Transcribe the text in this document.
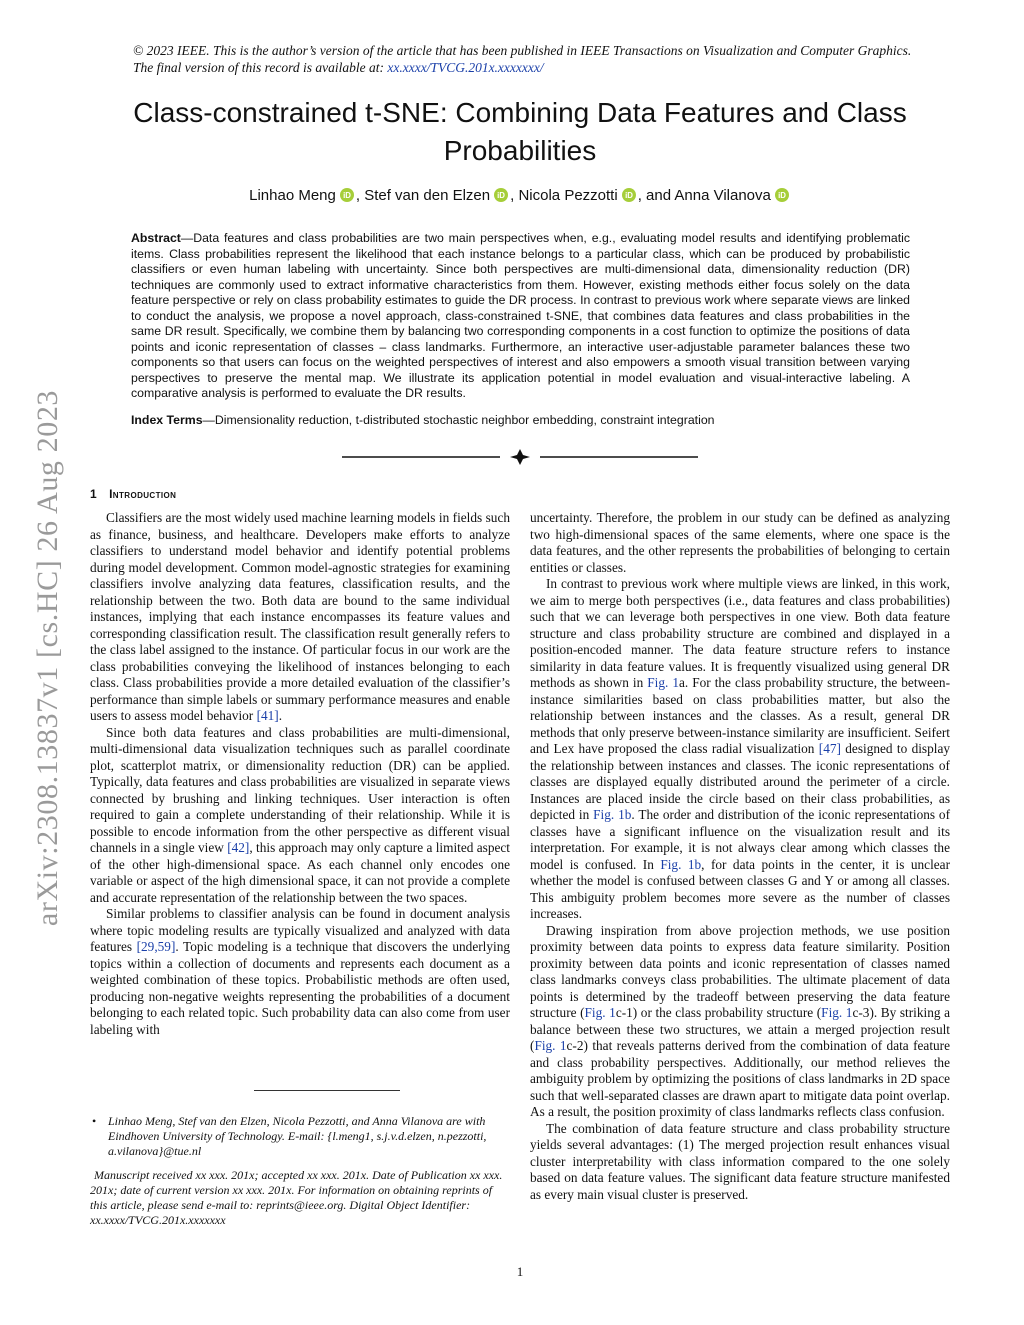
© 2023 IEEE. This is the author’s version of the article that has been published in IEEE Transactions on Visualization and Computer Graphics. The final version of this record is available at: xx.xxxx/TVCG.201x.xxxxxxx/
arXiv:2308.13837v1 [cs.HC] 26 Aug 2023
Class-constrained t-SNE: Combining Data Features and Class Probabilities
Linhao Meng iD , Stef van den Elzen iD , Nicola Pezzotti iD , and Anna Vilanova iD
Abstract—Data features and class probabilities are two main perspectives when, e.g., evaluating model results and identifying problematic items. Class probabilities represent the likelihood that each instance belongs to a particular class, which can be produced by probabilistic classifiers or even human labeling with uncertainty. Since both perspectives are multi-dimensional data, dimensionality reduction (DR) techniques are commonly used to extract informative characteristics from them. However, existing methods either focus solely on the data feature perspective or rely on class probability estimates to guide the DR process. In contrast to previous work where separate views are linked to conduct the analysis, we propose a novel approach, class-constrained t-SNE, that combines data features and class probabilities in the same DR result. Specifically, we combine them by balancing two corresponding components in a cost function to optimize the positions of data points and iconic representation of classes – class landmarks. Furthermore, an interactive user-adjustable parameter balances these two components so that users can focus on the weighted perspectives of interest and also empowers a smooth visual transition between varying perspectives to preserve the mental map. We illustrate its application potential in model evaluation and visual-interactive labeling. A comparative analysis is performed to evaluate the DR results.
Index Terms—Dimensionality reduction, t-distributed stochastic neighbor embedding, constraint integration
1 Introduction

Classifiers are the most widely used machine learning models in fields such as finance, business, and healthcare. Developers make efforts to analyze classifiers to understand model behavior and identify potential problems during model development. Common model-agnostic strategies for examining classifiers involve analyzing data features, classification results, and the relationship between the two. Both data are bound to the same individual instances, implying that each instance encompasses its feature values and corresponding classification result. The classification result generally refers to the class label assigned to the instance. Of particular focus in our work are the class probabilities conveying the likelihood of instances belonging to each class. Class probabilities provide a more detailed evaluation of the classifier’s performance than simple labels or summary performance measures and enable users to assess model behavior [41].

Since both data features and class probabilities are multi-dimensional, multi-dimensional data visualization techniques such as parallel coordinate plot, scatterplot matrix, or dimensionality reduction (DR) can be applied. Typically, data features and class probabilities are visualized in separate views connected by brushing and linking techniques. User interaction is often required to gain a complete understanding of their relationship. While it is possible to encode information from the other perspective as different visual channels in a single view [42], this approach may only capture a limited aspect of the other high-dimensional space. As each channel only encodes one variable or aspect of the high dimensional space, it can not provide a complete and accurate representation of the relationship between the two spaces.

Similar problems to classifier analysis can be found in document analysis where topic modeling results are typically visualized and analyzed with data features [29,59]. Topic modeling is a technique that discovers the underlying topics within a collection of documents and represents each document as a weighted combination of these topics. Probabilistic methods are often used, producing non-negative weights representing the probabilities of a document belonging to each related topic. Such probability data can also come from user labeling with

uncertainty. Therefore, the problem in our study can be defined as analyzing two high-dimensional spaces of the same elements, where one space is the data features, and the other represents the probabilities of belonging to certain entities or classes.

In contrast to previous work where multiple views are linked, in this work, we aim to merge both perspectives (i.e., data features and class probabilities) such that we can leverage both perspectives in one view. Both data feature structure and class probability structure are combined and displayed in a position-encoded manner. The data feature structure refers to instance similarity in data feature values. It is frequently visualized using general DR methods as shown in Fig. 1a. For the class probability structure, the between-instance similarities based on class probabilities matter, but also the relationship between instances and the classes. As a result, general DR methods that only preserve between-instance similarity are insufficient. Seifert and Lex have proposed the class radial visualization [47] designed to display the relationship between instances and classes. The iconic representations of classes are displayed equally distributed around the perimeter of a circle. Instances are placed inside the circle based on their class probabilities, as depicted in Fig. 1b. The order and distribution of the iconic representations of classes have a significant influence on the visualization result and its interpretation. For example, it is not always clear among which classes the model is confused. In Fig. 1b, for data points in the center, it is unclear whether the model is confused between classes G and Y or among all classes. This ambiguity problem becomes more severe as the number of classes increases.

Drawing inspiration from above projection methods, we use position proximity between data points to express data feature similarity. Position proximity between data points and iconic representation of classes named class landmarks conveys class probabilities. The ultimate placement of data points is determined by the tradeoff between preserving the data feature structure (Fig. 1c-1) or the class probability structure (Fig. 1c-3). By striking a balance between these two structures, we attain a merged projection result (Fig. 1c-2) that reveals patterns derived from the combination of data feature and class probability perspectives. Additionally, our method relieves the ambiguity problem by optimizing the positions of class landmarks in 2D space such that well-separated classes are drawn apart to mitigate data point overlap. As a result, the position proximity of class landmarks reflects class confusion.

The combination of data feature structure and class probability structure yields several advantages: (1) The merged projection result enhances visual cluster interpretability with class information compared to the one solely based on data feature values. The significant data feature structure manifested as every main visual cluster is preserved.

• Linhao Meng, Stef van den Elzen, Nicola Pezzotti, and Anna Vilanova are with Eindhoven University of Technology. E-mail: {l.meng1, s.j.v.d.elzen, n.pezzotti, a.vilanova}@tue.nl
Manuscript received xx xxx. 201x; accepted xx xxx. 201x. Date of Publication xx xxx. 201x; date of current version xx xxx. 201x. For information on obtaining reprints of this article, please send e-mail to: reprints@ieee.org. Digital Object Identifier: xx.xxxx/TVCG.201x.xxxxxxx
1
